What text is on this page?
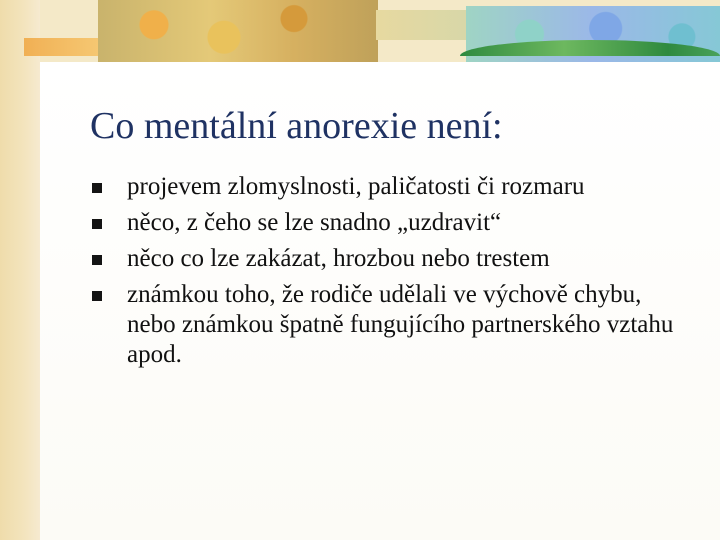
Co mentální anorexie není:
projevem zlomyslnosti, paličatosti či rozmaru
něco, z čeho se lze snadno „uzdravit“
něco co lze zakázat, hrozbou nebo trestem
známkou toho, že rodiče udělali ve výchově chybu, nebo známkou špatně fungujícího partnerského vztahu apod.
